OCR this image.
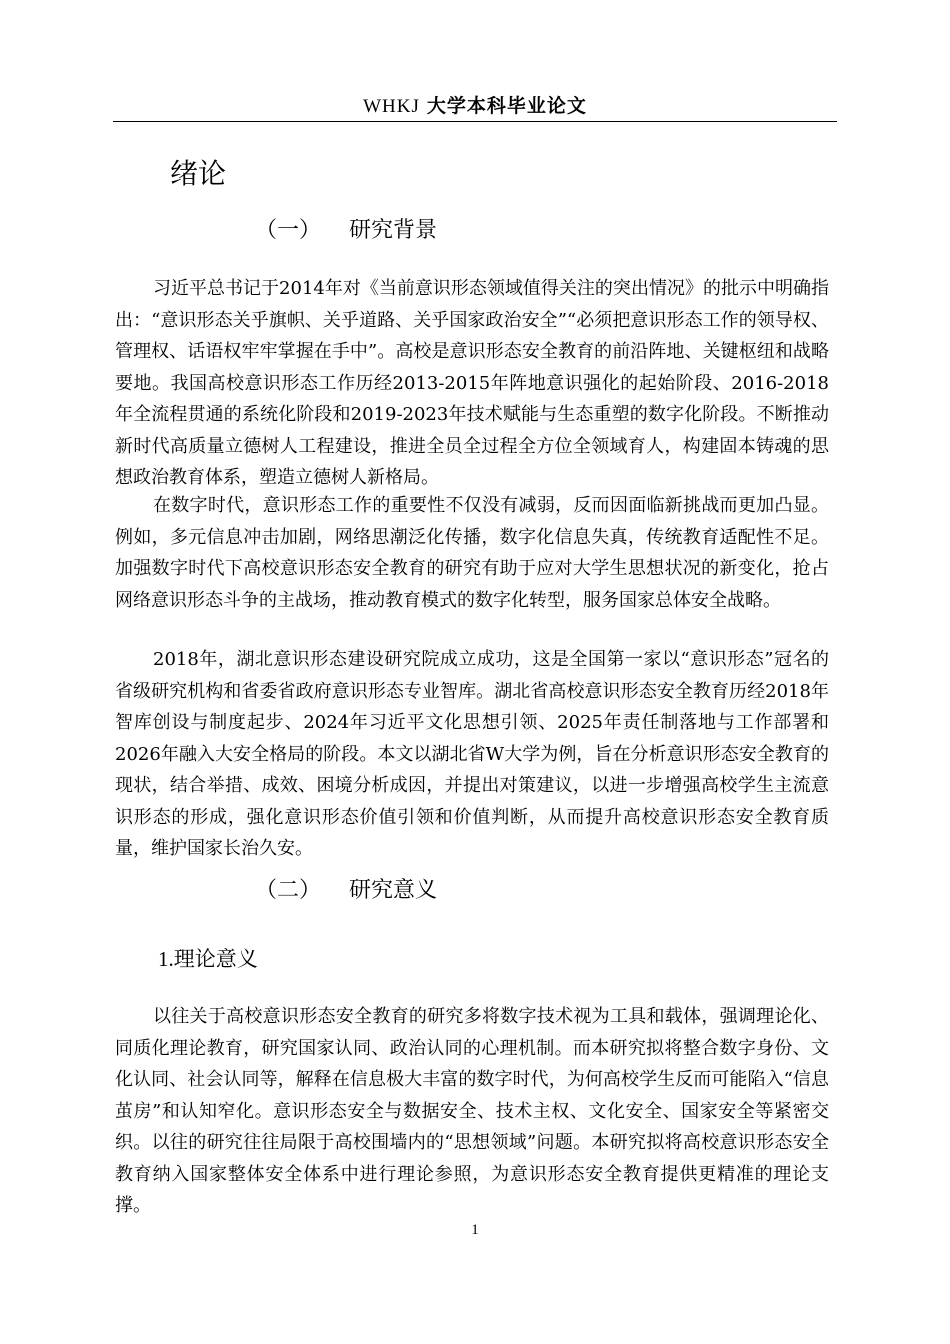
WHKJ 大学本科毕业论文
绪论
（一） 研究背景

习近平总书记于2014年对《当前意识形态领域值得关注的突出情况》的批示中明确指出：“意识形态关乎旗帜、关乎道路、关乎国家政治安全”“必须把意识形态工作的领导权、管理权、话语权牢牢掌握在手中”。高校是意识形态安全教育的前沿阵地、关键枢纽和战略要地。我国高校意识形态工作历经2013-2015年阵地意识强化的起始阶段、2016-2018年全流程贯通的系统化阶段和2019-2023年技术赋能与生态重塑的数字化阶段。不断推动新时代高质量立德树人工程建设，推进全员全过程全方位全领域育人，构建固本铸魂的思想政治教育体系，塑造立德树人新格局。

在数字时代，意识形态工作的重要性不仅没有减弱，反而因面临新挑战而更加凸显。例如，多元信息冲击加剧，网络思潮泛化传播，数字化信息失真，传统教育适配性不足。加强数字时代下高校意识形态安全教育的研究有助于应对大学生思想状况的新变化，抢占网络意识形态斗争的主战场，推动教育模式的数字化转型，服务国家总体安全战略。

2018年，湖北意识形态建设研究院成立成功，这是全国第一家以“意识形态”冠名的省级研究机构和省委省政府意识形态专业智库。湖北省高校意识形态安全教育历经2018年智库创设与制度起步、2024年习近平文化思想引领、2025年责任制落地与工作部署和2026年融入大安全格局的阶段。本文以湖北省W大学为例，旨在分析意识形态安全教育的现状，结合举措、成效、困境分析成因，并提出对策建议，以进一步增强高校学生主流意识形态的形成，强化意识形态价值引领和价值判断，从而提升高校意识形态安全教育质量，维护国家长治久安。

（二） 研究意义
1.理论意义

以往关于高校意识形态安全教育的研究多将数字技术视为工具和载体，强调理论化、同质化理论教育，研究国家认同、政治认同的心理机制。而本研究拟将整合数字身份、文化认同、社会认同等，解释在信息极大丰富的数字时代，为何高校学生反而可能陷入“信息茧房”和认知窄化。意识形态安全与数据安全、技术主权、文化安全、国家安全等紧密交织。以往的研究往往局限于高校围墙内的“思想领域”问题。本研究拟将高校意识形态安全教育纳入国家整体安全体系中进行理论参照，为意识形态安全教育提供更精准的理论支撑。

1
